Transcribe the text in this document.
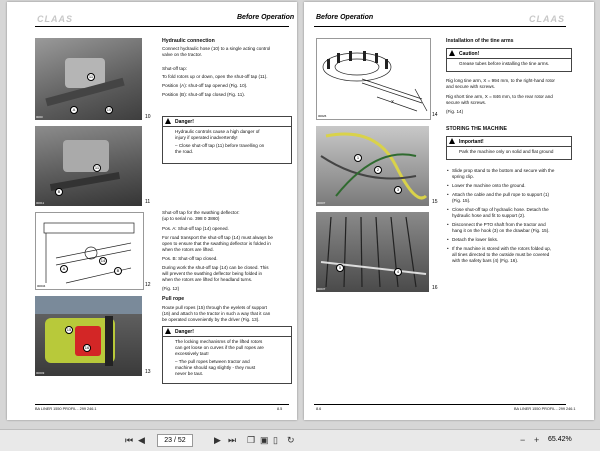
CLAAS	Before Operation
11
A	10
0000	10
11
B
00011	11
A
14
B
00034	12
16
15
00003	13
Hydraulic connection
Connect hydraulic hose (10) to a single acting control
valve on the tractor.
Shut-off tap:
To fold rotors up or down, open the shut-off tap (11).
Position (A): shut-off tap opened (Fig. 10).
Position (B): shut-off tap closed (Fig. 11).
Danger!
Hydraulic controls cause a high danger of
injury if operated inadvertently!
– Close shut-off tap (11) before travelling on
the road.
Shut-off tap for the swathing deflector:
(up to serial no. 398 0 3860)
Pos. A: Shut-off tap (14) opened.
For road transport the shut-off tap (14) must always be
open to ensure that the swathing deflector is folded in
when the rotors are lifted.
Pos. B: Shut-off tap closed.
During work the shut-off tap (14) can be closed. This
will prevent the swathing deflector being folded in
when the rotors are lifted for headland turns.
(Fig. 12)
Pull rope
Route pull ropes (15) through the eyelets of support
(16) and attach to the tractor in such a way that it can
be operated conveniently by the driver (Fig. 13).
Danger!
The locking mechanisms of the lifted rotors
can get loose on curves if the pull ropes are
excessively taut!
– The pull ropes between tractor and
machine should sag slightly - they must
never be taut.
BA LINER 1550 PROFIL - 299 246.1	8.5
Before Operation	CLAAS
X
00026	14
1
2
3
00007	15
5
4
00037	16
Installation of the tine arms
Caution!
Grease tubes before installing the tine arms.
Rig long tine arm, X = 994 mm, to the right-hand rotor
and secure with screws.
Rig short tine arm, X = 846 mm, to the rear rotor and
secure with screws.
(Fig. 14)
STORING THE MACHINE
Important!
Park the machine only on solid and flat ground
• Slide prop stand to the bottom and secure with the
spring clip.
• Lower the machine onto the ground.
• Attach the cable and the pull rope to support (1)
(Fig. 15).
• Close shut-off tap of hydraulic hose. Detach the
hydraulic hose and fit to support (2).
• Disconnect the PTO shaft from the tractor and
hang it on the hook (3) on the drawbar (Fig. 15).
• Detach the lower links.
• If the machine is stored with the rotors folded up,
all tines directed to the outside must be covered
with the safety bars (4) (Fig. 16).
8.6	BA LINER 1550 PROFIL - 299 246.1
⏮ ◀	23 / 52	▶ ⏭ ❐ ▣ ▯ ↻	− + 65.42%
